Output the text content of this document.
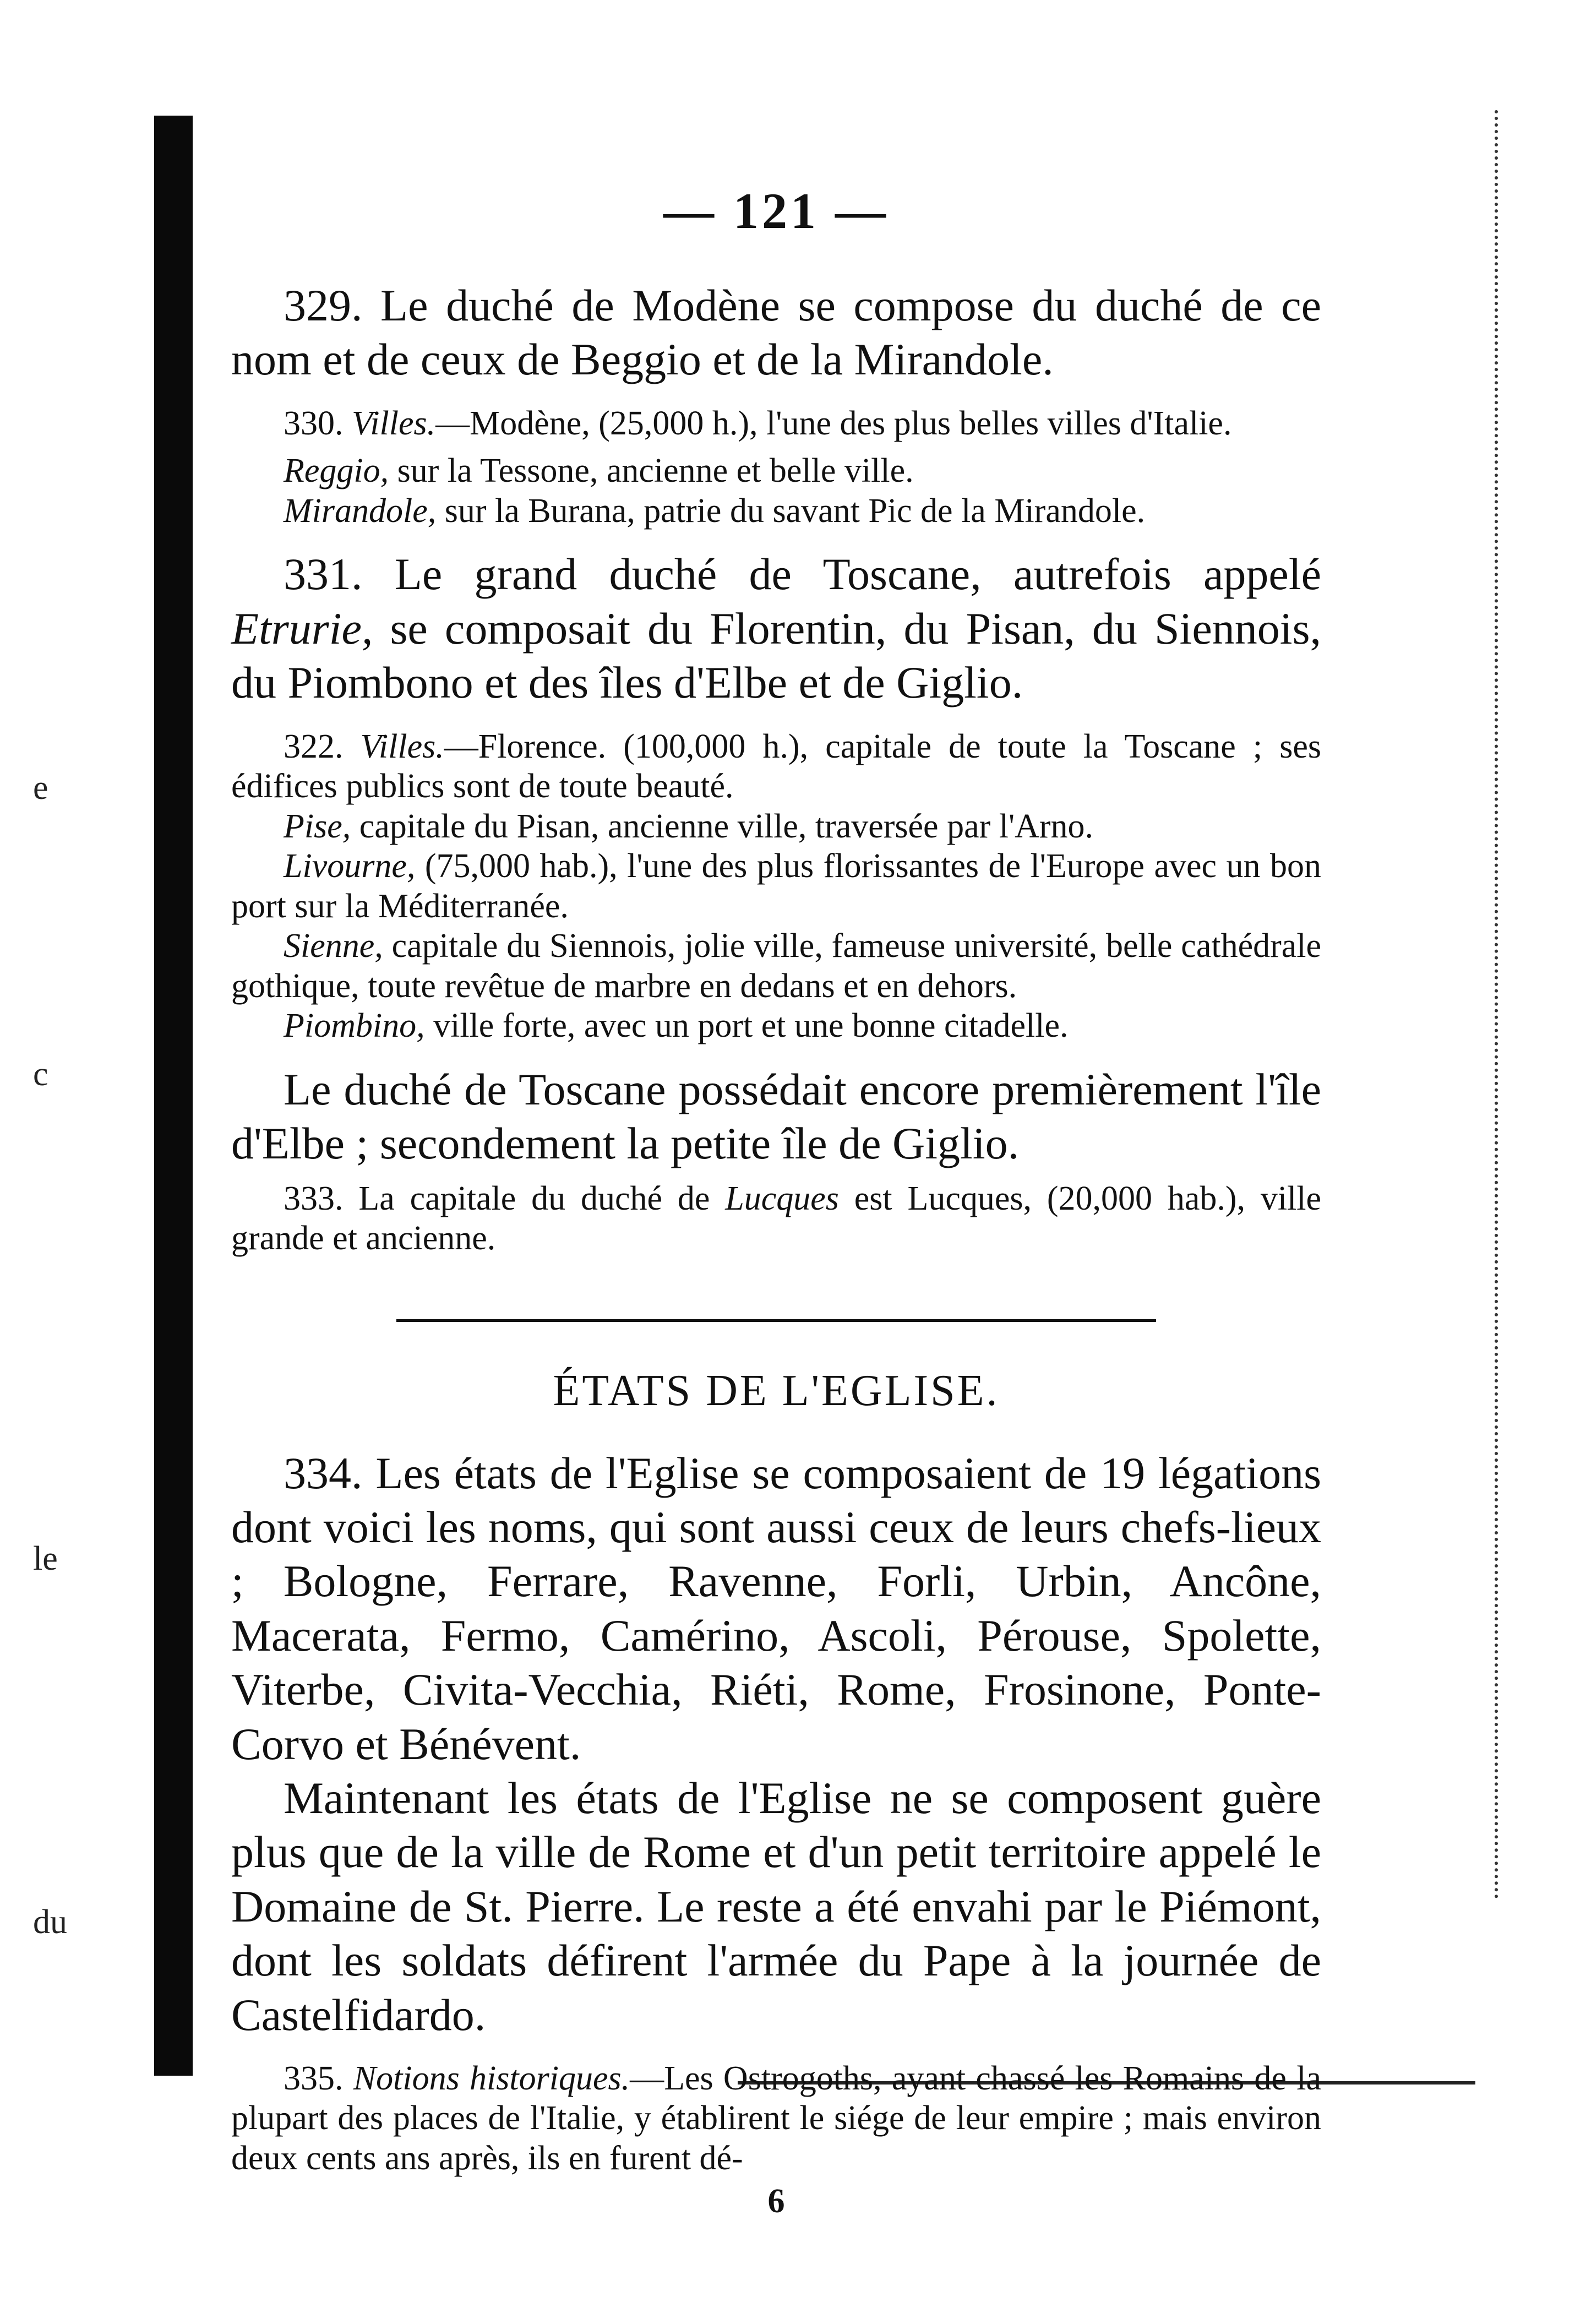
e
c
le
du
— 121 —

329. Le duché de Modène se compose du duché de ce nom et de ceux de Beggio et de la Mirandole.

330. Villes.—Modène, (25,000 h.), l'une des plus belles villes d'Italie.

Reggio, sur la Tessone, ancienne et belle ville.

Mirandole, sur la Burana, patrie du savant Pic de la Mirandole.

331. Le grand duché de Toscane, autrefois appelé Etrurie, se composait du Florentin, du Pisan, du Siennois, du Piombono et des îles d'Elbe et de Giglio.

322. Villes.—Florence. (100,000 h.), capitale de toute la Toscane ; ses édifices publics sont de toute beauté.

Pise, capitale du Pisan, ancienne ville, traversée par l'Arno.

Livourne, (75,000 hab.), l'une des plus florissantes de l'Europe avec un bon port sur la Méditerranée.

Sienne, capitale du Siennois, jolie ville, fameuse université, belle cathédrale gothique, toute revêtue de marbre en dedans et en dehors.

Piombino, ville forte, avec un port et une bonne citadelle.

Le duché de Toscane possédait encore premièrement l'île d'Elbe ; secondement la petite île de Giglio.

333. La capitale du duché de Lucques est Lucques, (20,000 hab.), ville grande et ancienne.

ÉTATS DE L'EGLISE.

334. Les états de l'Eglise se composaient de 19 légations dont voici les noms, qui sont aussi ceux de leurs chefs-lieux ; Bologne, Ferrare, Ravenne, Forli, Urbin, Ancône, Macerata, Fermo, Camérino, Ascoli, Pérouse, Spolette, Viterbe, Civita-Vecchia, Riéti, Rome, Frosinone, Ponte-Corvo et Bénévent.

Maintenant les états de l'Eglise ne se composent guère plus que de la ville de Rome et d'un petit territoire appelé le Domaine de St. Pierre. Le reste a été envahi par le Piémont, dont les soldats défirent l'armée du Pape à la journée de Castelfidardo.

335. Notions historiques.—Les Ostrogoths, ayant chassé les Romains de la plupart des places de l'Italie, y établirent le siége de leur empire ; mais environ deux cents ans après, ils en furent dé-

6
